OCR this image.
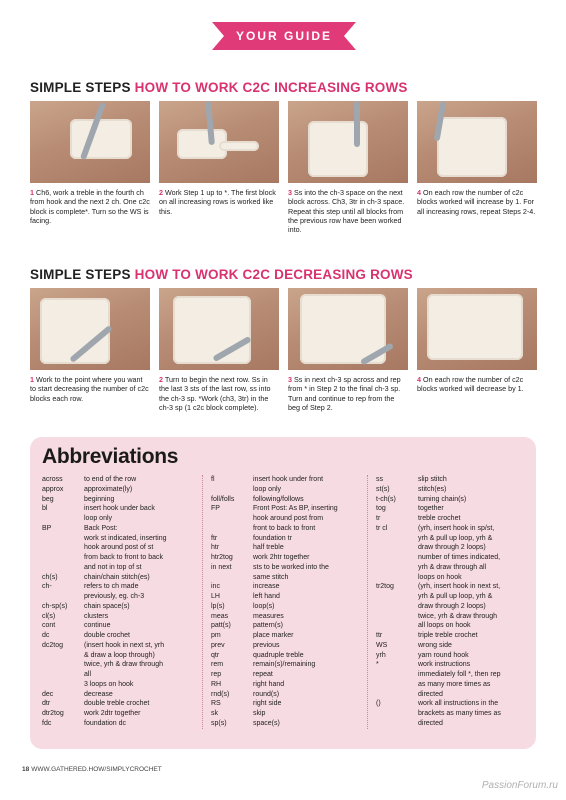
YOUR GUIDE
SIMPLE STEPS HOW TO WORK C2C INCREASING ROWS
1 Ch6, work a treble in the fourth ch from hook and the next 2 ch. One c2c block is complete*. Turn so the WS is facing.
2 Work Step 1 up to *. The first block on all increasing rows is worked like this.
3 Ss into the ch-3 space on the next block across. Ch3, 3tr in ch-3 space. Repeat this step until all blocks from the previous row have been worked into.
4 On each row the number of c2c blocks worked will increase by 1. For all increasing rows, repeat Steps 2-4.
SIMPLE STEPS HOW TO WORK C2C DECREASING ROWS
1 Work to the point where you want to start decreasing the number of c2c blocks each row.
2 Turn to begin the next row. Ss in the last 3 sts of the last row, ss into the ch-3 sp. *Work (ch3, 3tr) in the ch-3 sp (1 c2c block complete).
3 Ss in next ch-3 sp across and rep from * in Step 2 to the final ch-3 sp. Turn and continue to rep from the beg of Step 2.
4 On each row the number of c2c blocks worked will decrease by 1.
Abbreviations
across	to end of the row
approx	approximate(ly)
beg	beginning
bl	insert hook under back
loop only
BP	Back Post:
work st indicated, inserting
hook around post of st
from back to front to back
and not in top of st
ch(s)	chain/chain stitch(es)
ch-	refers to ch made
previously, eg. ch-3
ch-sp(s)	chain space(s)
cl(s)	clusters
cont	continue
dc	double crochet
dc2tog	(insert hook in next st, yrh
& draw a loop through)
twice, yrh & draw through
all
3 loops on hook
dec	decrease
dtr	double treble crochet
dtr2tog	work 2dtr together
fdc	foundation dc
fl	insert hook under front
loop only
foll/folls	following/follows
FP	Front Post: As BP, inserting
hook around post from
front to back to front
ftr	foundation tr
htr	half treble
htr2tog	work 2htr together
in next	sts to be worked into the
same stitch
inc	increase
LH	left hand
lp(s)	loop(s)
meas	measures
patt(s)	pattern(s)
pm	place marker
prev	previous
qtr	quadruple treble
rem	remain(s)/remaining
rep	repeat
RH	right hand
rnd(s)	round(s)
RS	right side
sk	skip
sp(s)	space(s)
ss	slip stitch
st(s)	stitch(es)
t-ch(s)	turning chain(s)
tog	together
tr	treble crochet
tr cl	(yrh, insert hook in sp/st,
yrh & pull up loop, yrh &
draw through 2 loops)
number of times indicated,
yrh & draw through all
loops on hook
tr2tog	(yrh, insert hook in next st,
yrh & pull up loop, yrh &
draw through 2 loops)
twice, yrh & draw through
all loops on hook
ttr	triple treble crochet
WS	wrong side
yrh	yarn round hook
*	work instructions
immediately foll *, then rep
as many more times as
directed
()	work all instructions in the
brackets as many times as
directed
18 WWW.GATHERED.HOW/SIMPLYCROCHET
PassionForum.ru
